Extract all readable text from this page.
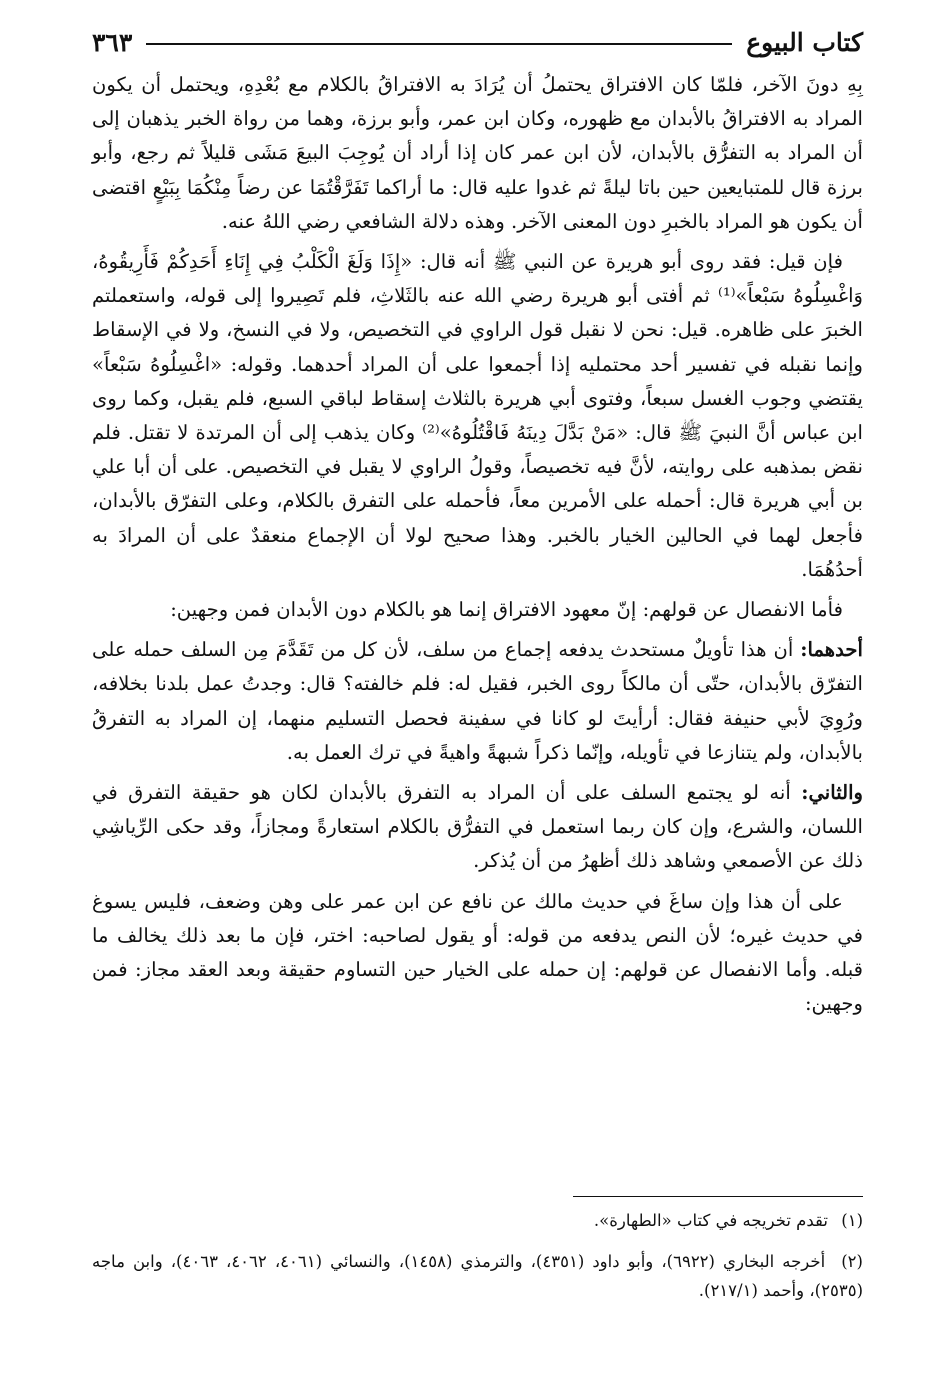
كتاب البيوع
٣٦٣

بِهِ دونَ الآخر، فلمّا كان الافتراق يحتملُ أن يُرَادَ به الافتراقُ بالكلام مع بُعْدِهِ، ويحتمل أن يكون المراد به الافتراقُ بالأبدان مع ظهوره، وكان ابن عمر، وأبو برزة، وهما من رواة الخبر يذهبان إلى أن المراد به التفرُّق بالأبدان، لأن ابن عمر كان إذا أراد أن يُوجِبَ البيعَ مَشَى قليلاً ثم رجع، وأبو برزة قال للمتبايعين حين باتا ليلةً ثم غدوا عليه قال: ما أراكما تَفَرَّقْتُمَا عن رضاً مِنْكُمَا بِبَيْعٍ اقتضى أن يكون هو المراد بالخبرِ دون المعنى الآخر. وهذه دلالة الشافعي رضي اللهُ عنه.

فإن قيل: فقد روى أبو هريرة عن النبي ﷺ أنه قال: «إِذَا وَلَغَ الْكَلْبُ فِي إِنَاءِ أَحَدِكُمْ فَأَرِيقُوهُ، وَاغْسِلُوهُ سَبْعاً»⁽¹⁾ ثم أفتى أبو هريرة رضي الله عنه بالثَلاثِ، فلم تَصِيروا إلى قوله، واستعملتم الخبرَ على ظاهره. قيل: نحن لا نقبل قول الراوي في التخصيص، ولا في النسخ، ولا في الإسقاط وإنما نقبله في تفسير أحد محتمليه إذا أجمعوا على أن المراد أحدهما. وقوله: «اغْسِلُوهُ سَبْعاً» يقتضي وجوب الغسل سبعاً، وفتوى أبي هريرة بالثلاث إسقاط لباقي السبع، فلم يقبل، وكما روى ابن عباس أنَّ النبيَ ﷺ قال: «مَنْ بَدَّلَ دِينَهُ فَاقْتُلُوهُ»⁽²⁾ وكان يذهب إلى أن المرتدة لا تقتل. فلم نقض بمذهبه على روايته، لأنَّ فيه تخصيصاً، وقولُ الراوي لا يقبل في التخصيص. على أن أبا علي بن أبي هريرة قال: أحمله على الأمرين معاً، فأحمله على التفرق بالكلام، وعلى التفرّق بالأبدان، فأجعل لهما في الحالين الخيار بالخبر. وهذا صحيح لولا أن الإجماع منعقدٌ على أن المرادَ به أحدُهُمَا.

فأما الانفصال عن قولهم: إنّ معهود الافتراق إنما هو بالكلام دون الأبدان فمن وجهين:

أحدهما: أن هذا تأويلٌ مستحدث يدفعه إجماع من سلف، لأن كل من تَقَدَّمَ مِن السلف حمله على التفرّق بالأبدان، حتّى أن مالكاً روى الخبر، فقيل له: فلم خالفته؟ قال: وجدتُ عمل بلدنا بخلافه، ورُوِيَ لأبي حنيفة فقال: أرأيتَ لو كانا في سفينة فحصل التسليم منهما، إن المراد به التفرقُ بالأبدان، ولم يتنازعا في تأويله، وإنّما ذكراً شبهةً واهيةً في ترك العمل به.

والثاني: أنه لو يجتمع السلف على أن المراد به التفرق بالأبدان لكان هو حقيقة التفرق في اللسان، والشرع، وإن كان ربما استعمل في التفرُّق بالكلام استعارةً ومجازاً، وقد حكى الرِّياشِي ذلك عن الأصمعي وشاهد ذلك أظهرُ من أن يُذكر.

على أن هذا وإن ساغَ في حديث مالك عن نافع عن ابن عمر على وهن وضعف، فليس يسوغ في حديث غيره؛ لأن النص يدفعه من قوله: أو يقول لصاحبه: اختر، فإن ما بعد ذلك يخالف ما قبله. وأما الانفصال عن قولهم: إن حمله على الخيار حين التساوم حقيقة وبعد العقد مجاز: فمن وجهين:

(١) تقدم تخريجه في كتاب «الطهارة».

(٢) أخرجه البخاري (٦٩٢٢)، وأبو داود (٤٣٥١)، والترمذي (١٤٥٨)، والنسائي (٤٠٦١، ٤٠٦٢، ٤٠٦٣)، وابن ماجه (٢٥٣٥)، وأحمد (٢١٧/١).
